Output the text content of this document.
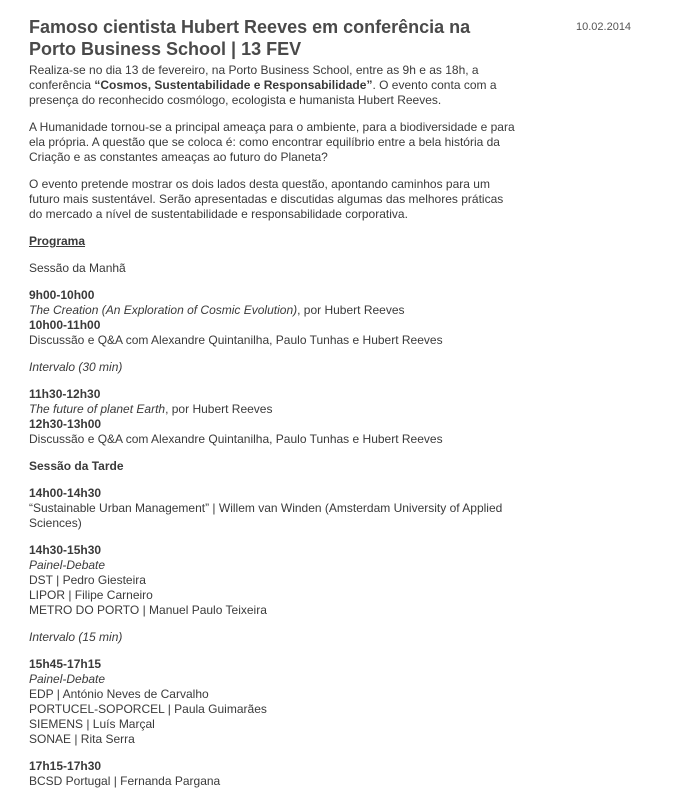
10.02.2014
Famoso cientista Hubert Reeves em conferência na Porto Business School | 13 FEV

Realiza-se no dia 13 de fevereiro, na Porto Business School, entre as 9h e as 18h, a conferência “Cosmos, Sustentabilidade e Responsabilidade”. O evento conta com a presença do reconhecido cosmólogo, ecologista e humanista Hubert Reeves.

A Humanidade tornou-se a principal ameaça para o ambiente, para a biodiversidade e para ela própria. A questão que se coloca é: como encontrar equilíbrio entre a bela história da Criação e as constantes ameaças ao futuro do Planeta?

O evento pretende mostrar os dois lados desta questão, apontando caminhos para um futuro mais sustentável. Serão apresentadas e discutidas algumas das melhores práticas do mercado a nível de sustentabilidade e responsabilidade corporativa.

Programa

Sessão da Manhã

9h00-10h00

The Creation (An Exploration of Cosmic Evolution), por Hubert Reeves

10h00-11h00

Discussão e Q&A com Alexandre Quintanilha, Paulo Tunhas e Hubert Reeves

Intervalo (30 min)

11h30-12h30

The future of planet Earth, por Hubert Reeves

12h30-13h00

Discussão e Q&A com Alexandre Quintanilha, Paulo Tunhas e Hubert Reeves

Sessão da Tarde

14h00-14h30

“Sustainable Urban Management” | Willem van Winden (Amsterdam University of Applied Sciences)

14h30-15h30

Painel-Debate

DST | Pedro Giesteira

LIPOR | Filipe Carneiro

METRO DO PORTO | Manuel Paulo Teixeira

Intervalo (15 min)

15h45-17h15

Painel-Debate

EDP | António Neves de Carvalho

PORTUCEL-SOPORCEL | Paula Guimarães

SIEMENS | Luís Marçal

SONAE | Rita Serra

17h15-17h30

BCSD Portugal | Fernanda Pargana
